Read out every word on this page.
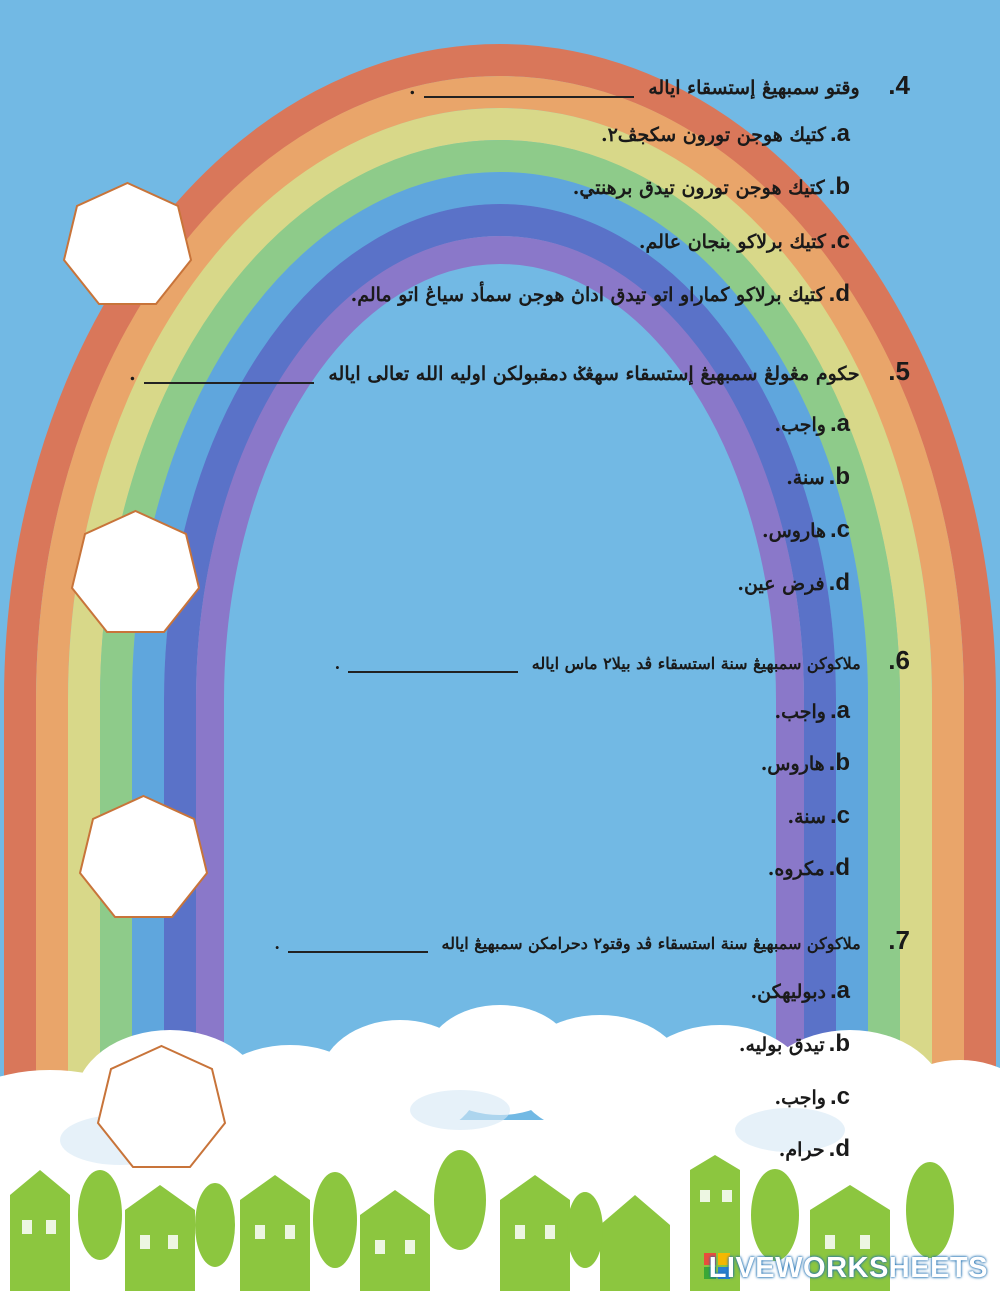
4. وقتو سمبهيڠ إستسقاء اياله .
a.كتيك هوجن تورون سكجڤ٢.
b.كتيك هوجن تورون تيدق برهنتي.
c.كتيك برلاكو بنجان عالم.
d.كتيك برلاكو كماراو اتو تيدق اداڽ هوجن سمأد سياڠ اتو مالم.
5. حكوم مڠولڠ سمبهيڠ إستسقاء سهڠݢ دمقبولكن اوليه الله تعالى اياله .
a.واجب.
b.سنة.
c.هاروس.
d.فرض عين.
6. ملاكوكن سمبهيڠ سنة استسقاء ڤد بيلا٢ ماس اياله .
a.واجب.
b.هاروس.
c.سنة.
d.مكروه.
7. ملاكوكن سمبهيڠ سنة استسقاء ڤد وقتو٢ دحرامكن سمبهيڠ اياله .
a.دبوليهكن.
b.تيدق بوليه.
c.واجب.
d.حرام.
LIVEWORKSHEETS
